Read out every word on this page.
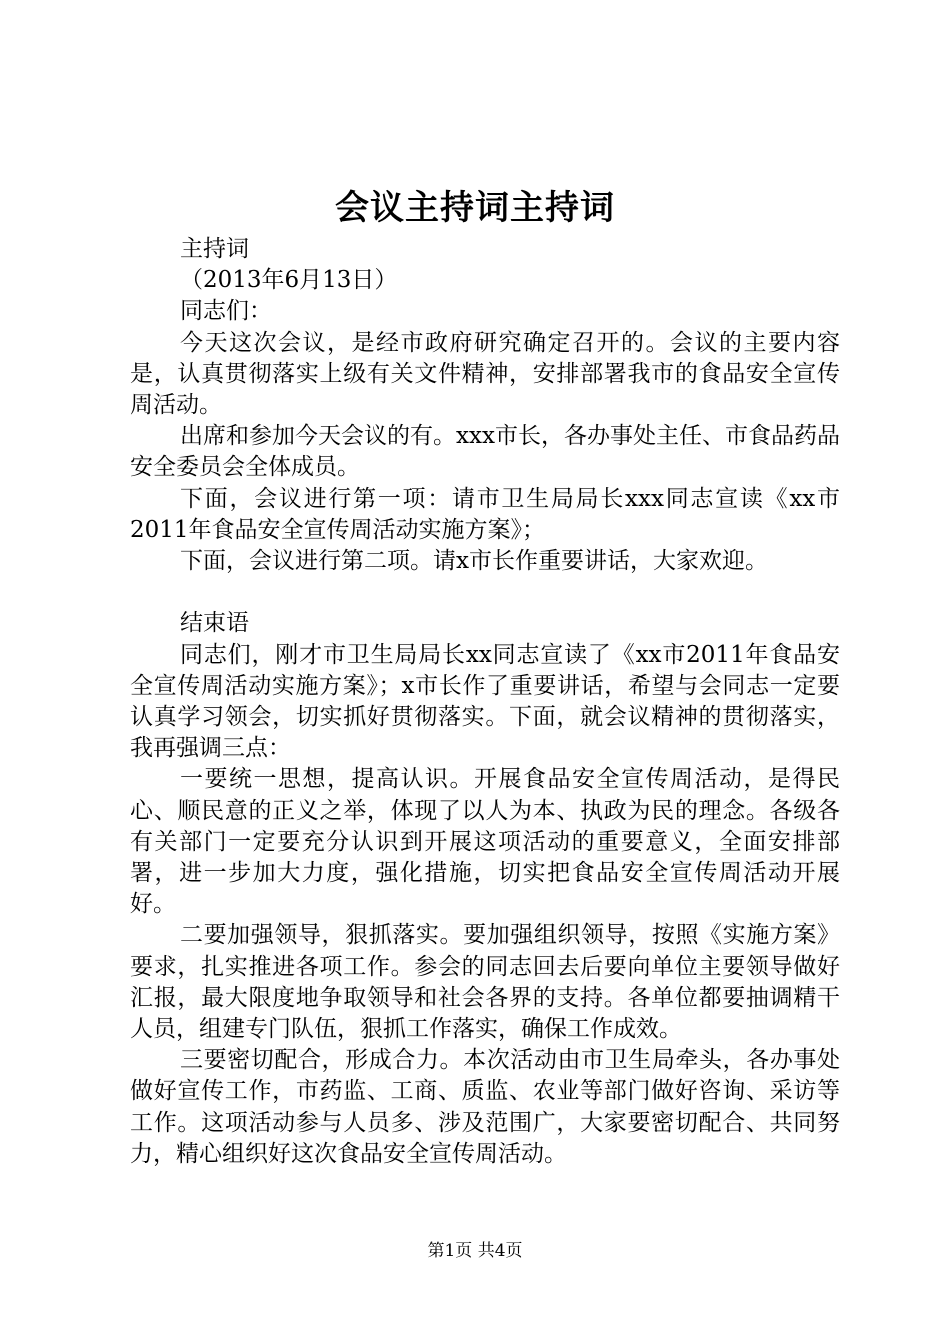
会议主持词主持词

主持词

（2013年6月13日）

同志们：

今天这次会议，是经市政府研究确定召开的。会议的主要内容是，认真贯彻落实上级有关文件精神，安排部署我市的食品安全宣传周活动。

出席和参加今天会议的有。xxx市长，各办事处主任、市食品药品安全委员会全体成员。

下面，会议进行第一项：请市卫生局局长xxx同志宣读《xx市2011年食品安全宣传周活动实施方案》；

下面，会议进行第二项。请x市长作重要讲话，大家欢迎。

结束语

同志们，刚才市卫生局局长xx同志宣读了《xx市2011年食品安全宣传周活动实施方案》；x市长作了重要讲话，希望与会同志一定要认真学习领会，切实抓好贯彻落实。下面，就会议精神的贯彻落实，我再强调三点：

一要统一思想，提高认识。开展食品安全宣传周活动，是得民心、顺民意的正义之举，体现了以人为本、执政为民的理念。各级各有关部门一定要充分认识到开展这项活动的重要意义，全面安排部署，进一步加大力度，强化措施，切实把食品安全宣传周活动开展好。

二要加强领导，狠抓落实。要加强组织领导，按照《实施方案》要求，扎实推进各项工作。参会的同志回去后要向单位主要领导做好汇报，最大限度地争取领导和社会各界的支持。各单位都要抽调精干人员，组建专门队伍，狠抓工作落实，确保工作成效。

三要密切配合，形成合力。本次活动由市卫生局牵头，各办事处做好宣传工作，市药监、工商、质监、农业等部门做好咨询、采访等工作。这项活动参与人员多、涉及范围广，大家要密切配合、共同努力，精心组织好这次食品安全宣传周活动。

第1页 共4页
